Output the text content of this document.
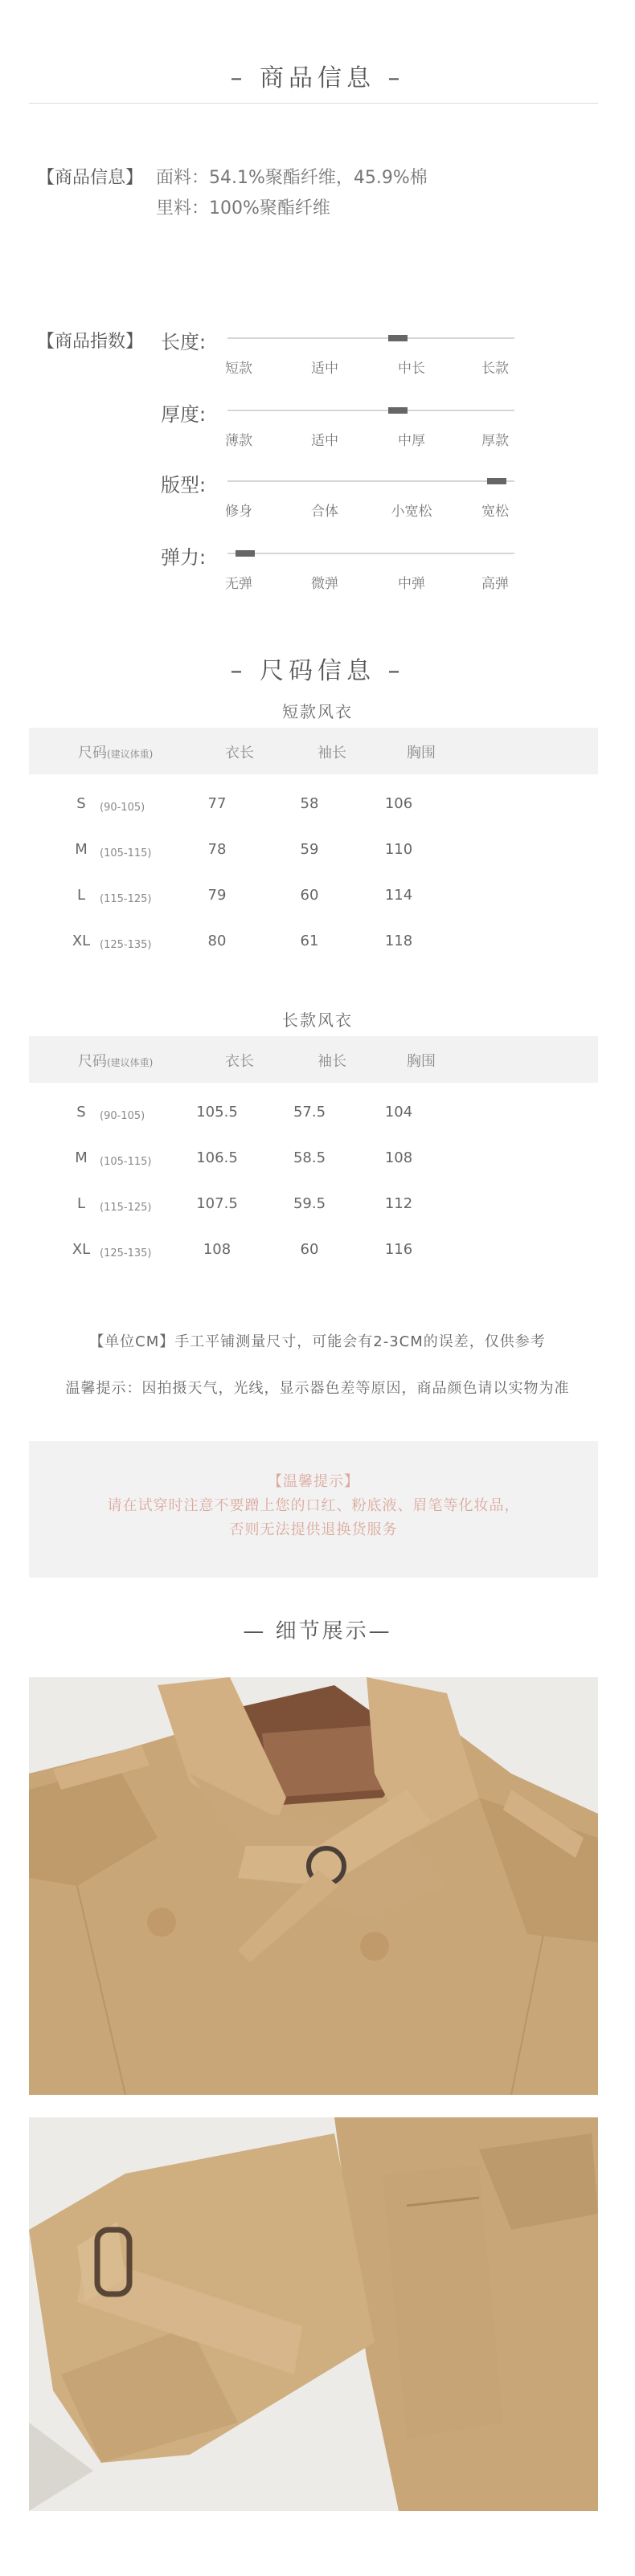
– 商品信息 –
【商品信息】 面料：54.1%聚酯纤维，45.9%棉
里料：100%聚酯纤维
【商品指数】 长度:
短款	适中	中长	长款
厚度:
薄款	适中	中厚	厚款
版型:
修身	合体	小宽松	宽松
弹力:
无弹	微弹	中弹	高弹
– 尺码信息 –
短款风衣
尺码(建议体重)	衣长	袖长	胸围
S	(90-105)	77	58	106
M	(105-115)	78	59	110
L	(115-125)	79	60	114
XL (125-135)	80	61	118
长款风衣
尺码(建议体重)	衣长	袖长	胸围
S	(90-105)	105.5	57.5	104
M	(105-115)	106.5	58.5	108
L	(115-125)	107.5	59.5	112
XL (125-135)	108	60	116
【单位CM】手工平铺测量尺寸，可能会有2-3CM的误差，仅供参考
温馨提示：因拍摄天气，光线，显示器色差等原因，商品颜色请以实物为准
【温馨提示】
请在试穿时注意不要蹭上您的口红、粉底液、眉笔等化妆品，
否则无法提供退换货服务
— 细节展示—
